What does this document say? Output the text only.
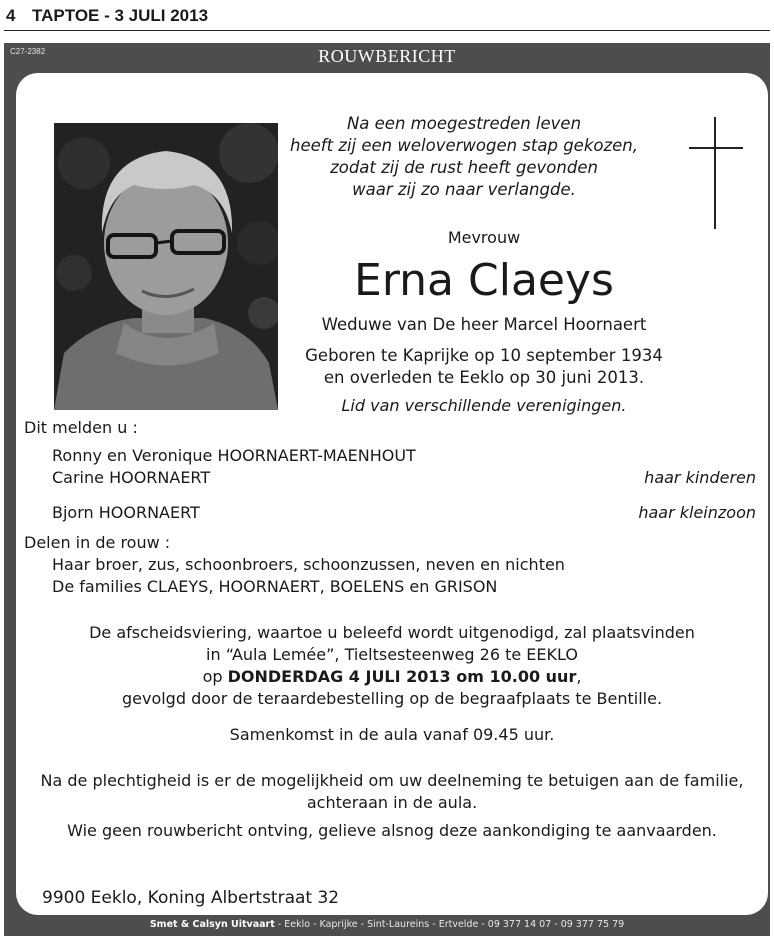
4 TAPTOE - 3 JULI 2013
C27-2382	ROUWBERICHT
Na een moegestreden leven
heeft zij een weloverwogen stap gekozen,
zodat zij de rust heeft gevonden
waar zij zo naar verlangde.
Mevrouw
Erna Claeys
Weduwe van De heer Marcel Hoornaert
Geboren te Kaprijke op 10 september 1934
en overleden te Eeklo op 30 juni 2013.
Lid van verschillende verenigingen.
Dit melden u :
Ronny en Veronique HOORNAERT-MAENHOUT
Carine HOORNAERT	haar kinderen
Bjorn HOORNAERT	haar kleinzoon
Delen in de rouw :
Haar broer, zus, schoonbroers, schoonzussen, neven en nichten
De families CLAEYS, HOORNAERT, BOELENS en GRISON
De afscheidsviering, waartoe u beleefd wordt uitgenodigd, zal plaatsvinden
in “Aula Lemée”, Tieltsesteenweg 26 te EEKLO
op DONDERDAG 4 JULI 2013 om 10.00 uur,
gevolgd door de teraardebestelling op de begraafplaats te Bentille.
Samenkomst in de aula vanaf 09.45 uur.
Na de plechtigheid is er de mogelijkheid om uw deelneming te betuigen aan de familie,
achteraan in de aula.
Wie geen rouwbericht ontving, gelieve alsnog deze aankondiging te aanvaarden.
9900 Eeklo, Koning Albertstraat 32
Smet & Calsyn Uitvaart - Eeklo - Kaprijke - Sint-Laureins - Ertvelde - 09 377 14 07 - 09 377 75 79
